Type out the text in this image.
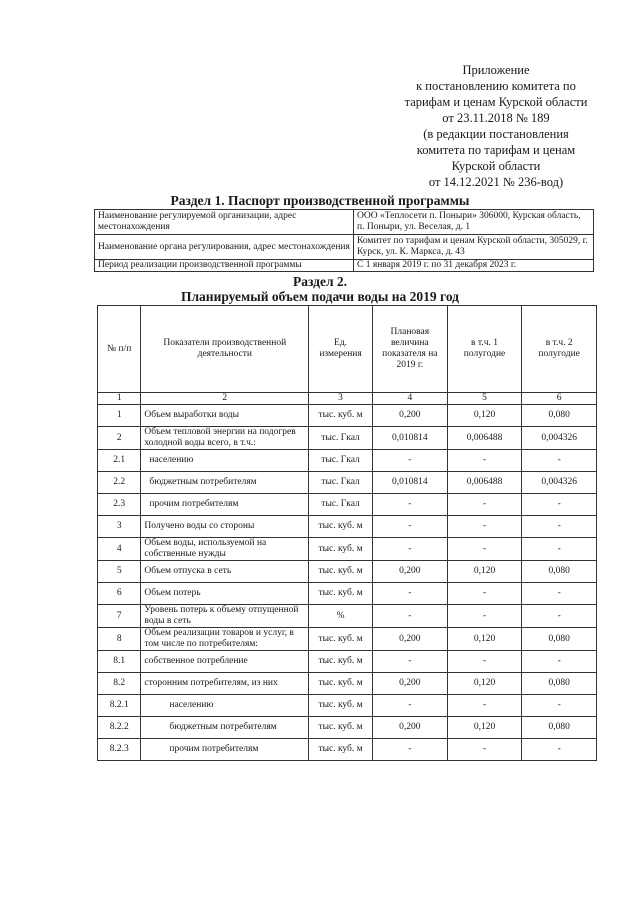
Приложение
к постановлению комитета по
тарифам и ценам Курской области
от 23.11.2018 № 189
(в редакции постановления
комитета по тарифам и ценам
Курской области
от 14.12.2021 № 236-вод)
Раздел 1. Паспорт производственной программы
Наименование регулируемой организации, адрес местонахождения	ООО «Теплосети п. Поныри» 306000, Курская область, п. Поныри, ул. Веселая, д. 1
Наименование органа регулирования, адрес местонахождения	Комитет по тарифам и ценам Курской области, 305029, г. Курск, ул. К. Маркса, д. 43
Период реализации производственной программы	С 1 января 2019 г. по 31 декабря 2023 г.
Раздел 2.
Планируемый объем подачи воды на 2019 год
№ п/п	Показатели производственной деятельности	Ед. измерения	Плановая величина показателя на 2019 г.	в т.ч. 1 полугодие	в т.ч. 2 полугодие
1	2	3	4	5	6
1	Объем выработки воды	тыс. куб. м	0,200	0,120	0,080
2	Объем тепловой энергии на подогрев холодной воды всего, в т.ч.:	тыс. Гкал	0,010814	0,006488	0,004326
2.1	населению	тыс. Гкал	-	-	-
2.2	бюджетным потребителям	тыс. Гкал	0,010814	0,006488	0,004326
2.3	прочим потребителям	тыс. Гкал	-	-	-
3	Получено воды со стороны	тыс. куб. м	-	-	-
4	Объем воды, используемой на собственные нужды	тыс. куб. м	-	-	-
5	Объем отпуска в сеть	тыс. куб. м	0,200	0,120	0,080
6	Объем потерь	тыс. куб. м	-	-	-
7	Уровень потерь к объему отпущенной воды в сеть	%	-	-	-
8	Объем реализации товаров и услуг, в том числе по потребителям:	тыс. куб. м	0,200	0,120	0,080
8.1	собственное потребление	тыс. куб. м	-	-	-
8.2	сторонним потребителям, из них	тыс. куб. м	0,200	0,120	0,080
8.2.1	населению	тыс. куб. м	-	-	-
8.2.2	бюджетным потребителям	тыс. куб. м	0,200	0,120	0,080
8.2.3	прочим потребителям	тыс. куб. м	-	-	-
